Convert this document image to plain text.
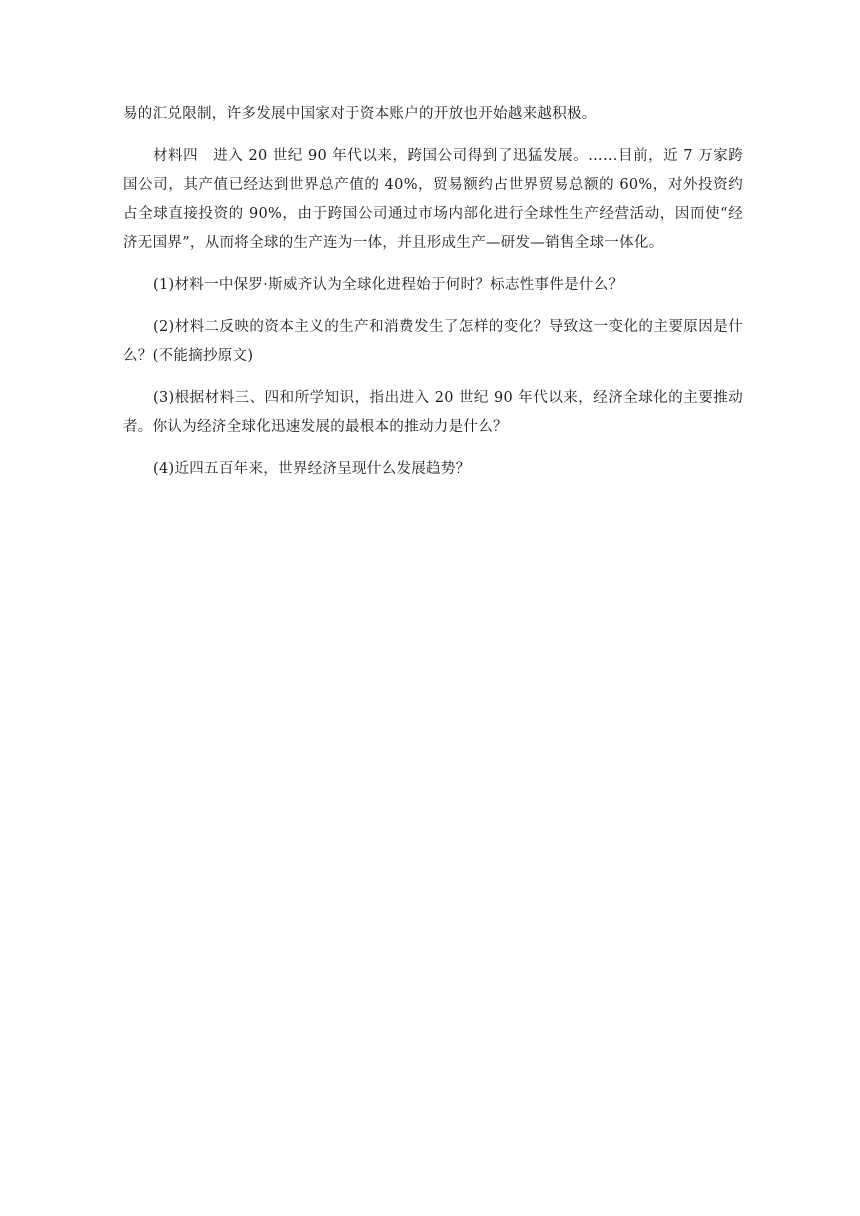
易的汇兑限制，许多发展中国家对于资本账户的开放也开始越来越积极。

材料四　进入 20 世纪 90 年代以来，跨国公司得到了迅猛发展。……目前，近 7 万家跨国公司，其产值已经达到世界总产值的 40%，贸易额约占世界贸易总额的 60%，对外投资约占全球直接投资的 90%，由于跨国公司通过市场内部化进行全球性生产经营活动，因而使“经济无国界”，从而将全球的生产连为一体，并且形成生产—研发—销售全球一体化。

(1)材料一中保罗·斯威齐认为全球化进程始于何时？标志性事件是什么？

(2)材料二反映的资本主义的生产和消费发生了怎样的变化？导致这一变化的主要原因是什么？(不能摘抄原文)

(3)根据材料三、四和所学知识，指出进入 20 世纪 90 年代以来，经济全球化的主要推动者。你认为经济全球化迅速发展的最根本的推动力是什么？

(4)近四五百年来，世界经济呈现什么发展趋势？
